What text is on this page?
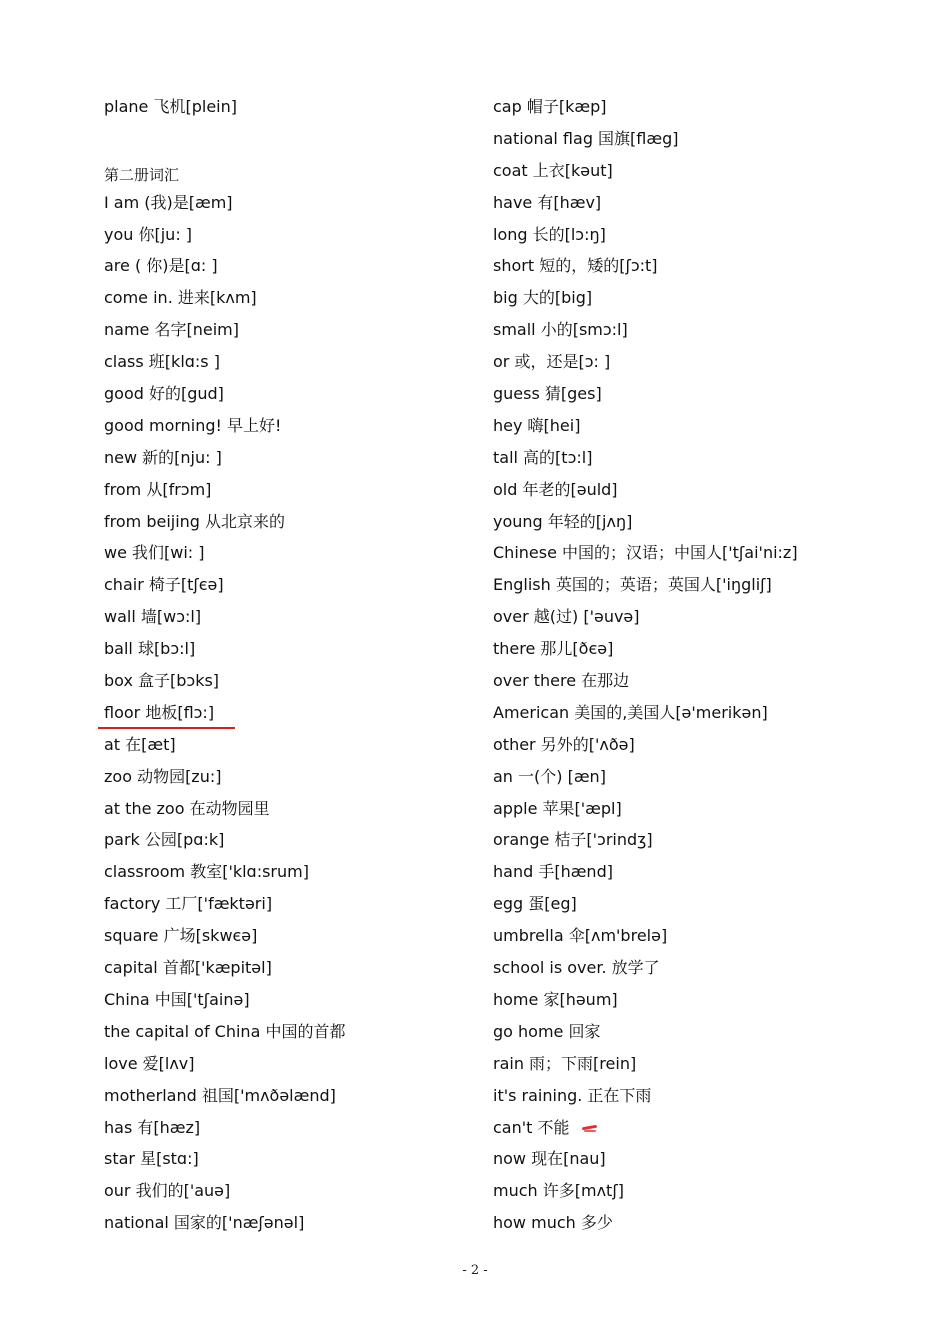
plane 飞机[plein]
第二册词汇
I am (我)是[æm]
you 你[ju: ]
are ( 你)是[ɑ: ]
come in. 进来[kʌm]
name 名字[neim]
class 班[klɑ:s ]
good 好的[gud]
good morning! 早上好!
new 新的[nju: ]
from 从[frɔm]
from beijing 从北京来的
we 我们[wi: ]
chair 椅子[tʃєə]
wall 墙[wɔ:l]
ball 球[bɔ:l]
box 盒子[bɔks]
floor 地板[flɔ:]
at 在[æt]
zoo 动物园[zu:]
at the zoo 在动物园里
park 公园[pɑ:k]
classroom 教室['klɑ:srum]
factory 工厂['fæktəri]
square 广场[skwєə]
capital 首都['kæpitəl]
China 中国['tʃainə]
the capital of China 中国的首都
love 爱[lʌv]
motherland 祖国['mʌðəlænd]
has 有[hæz]
star 星[stɑ:]
our 我们的['auə]
national 国家的['næʃənəl]
cap 帽子[kæp]
national flag 国旗[flæg]
coat 上衣[kəut]
have 有[hæv]
long 长的[lɔ:ŋ]
short 短的，矮的[ʃɔ:t]
big 大的[big]
small 小的[smɔ:l]
or 或，还是[ɔ: ]
guess 猜[ges]
hey 嗨[hei]
tall 高的[tɔ:l]
old 年老的[əuld]
young 年轻的[jʌŋ]
Chinese 中国的；汉语；中国人['tʃai'ni:z]
English 英国的；英语；英国人['iŋgliʃ]
over 越(过) ['əuvə]
there 那儿[ðєə]
over there 在那边
American 美国的,美国人[ə'merikən]
other 另外的['ʌðə]
an 一(个) [æn]
apple 苹果['æpl]
orange 桔子['ɔrindʒ]
hand 手[hænd]
egg 蛋[eg]
umbrella 伞[ʌm'brelə]
school is over. 放学了
home 家[həum]
go home 回家
rain 雨；下雨[rein]
it's raining. 正在下雨
can't 不能
now 现在[nau]
much 许多[mʌtʃ]
how much 多少
- 2 -
